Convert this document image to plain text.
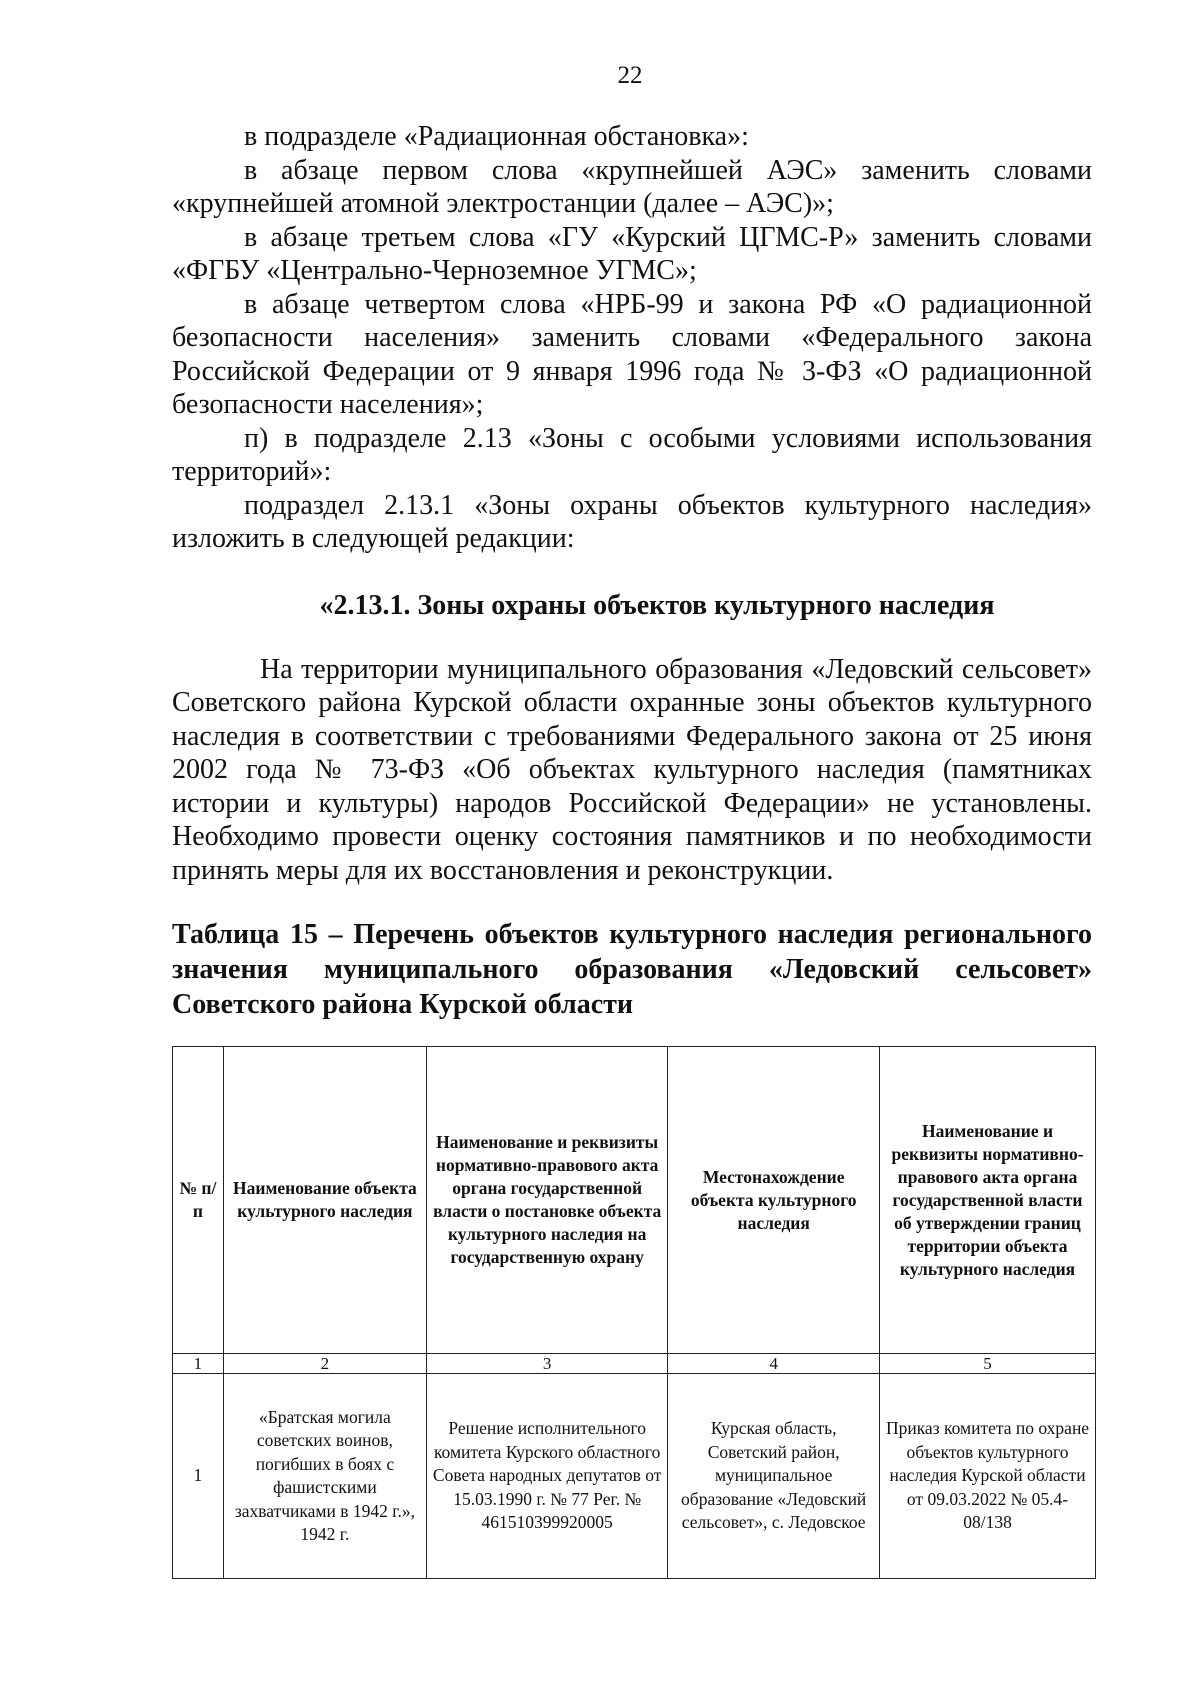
22

в подразделе «Радиационная обстановка»:

в абзаце первом слова «крупнейшей АЭС» заменить словами «крупнейшей атомной электростанции (далее – АЭС)»;

в абзаце третьем слова «ГУ «Курский ЦГМС-Р» заменить словами «ФГБУ «Центрально-Черноземное УГМС»;

в абзаце четвертом слова «НРБ-99 и закона РФ «О радиационной безопасности населения» заменить словами «Федерального закона Российской Федерации от 9 января 1996 года № 3-ФЗ «О радиационной безопасности населения»;

п) в подразделе 2.13 «Зоны с особыми условиями использования территорий»:

подраздел 2.13.1 «Зоны охраны объектов культурного наследия» изложить в следующей редакции:

«2.13.1. Зоны охраны объектов культурного наследия

На территории муниципального образования «Ледовский сельсовет» Советского района Курской области охранные зоны объектов культурного наследия в соответствии с требованиями Федерального закона от 25 июня 2002 года № 73-ФЗ «Об объектах культурного наследия (памятниках истории и культуры) народов Российской Федерации» не установлены. Необходимо провести оценку состояния памятников и по необходимости принять меры для их восстановления и реконструкции.

Таблица 15 – Перечень объектов культурного наследия регионального значения муниципального образования «Ледовский сельсовет» Советского района Курской области
№ п/п	Наименование объекта культурного наследия	Наименование и реквизиты нормативно-правового акта органа государственной власти о постановке объекта культурного наследия на государственную охрану	Местонахождение объекта культурного наследия	Наименование и реквизиты нормативно-правового акта органа государственной власти об утверждении границ территории объекта культурного наследия
1	2	3	4	5
1	«Братская могила советских воинов, погибших в боях с фашистскими захватчиками в 1942 г.», 1942 г.	Решение исполнительного комитета Курского областного Совета народных депутатов от 15.03.1990 г. № 77 Рег. № 461510399920005	Курская область, Советский район, муниципальное образование «Ледовский сельсовет», с. Ледовское	Приказ комитета по охране объектов культурного наследия Курской области от 09.03.2022 № 05.4-08/138
